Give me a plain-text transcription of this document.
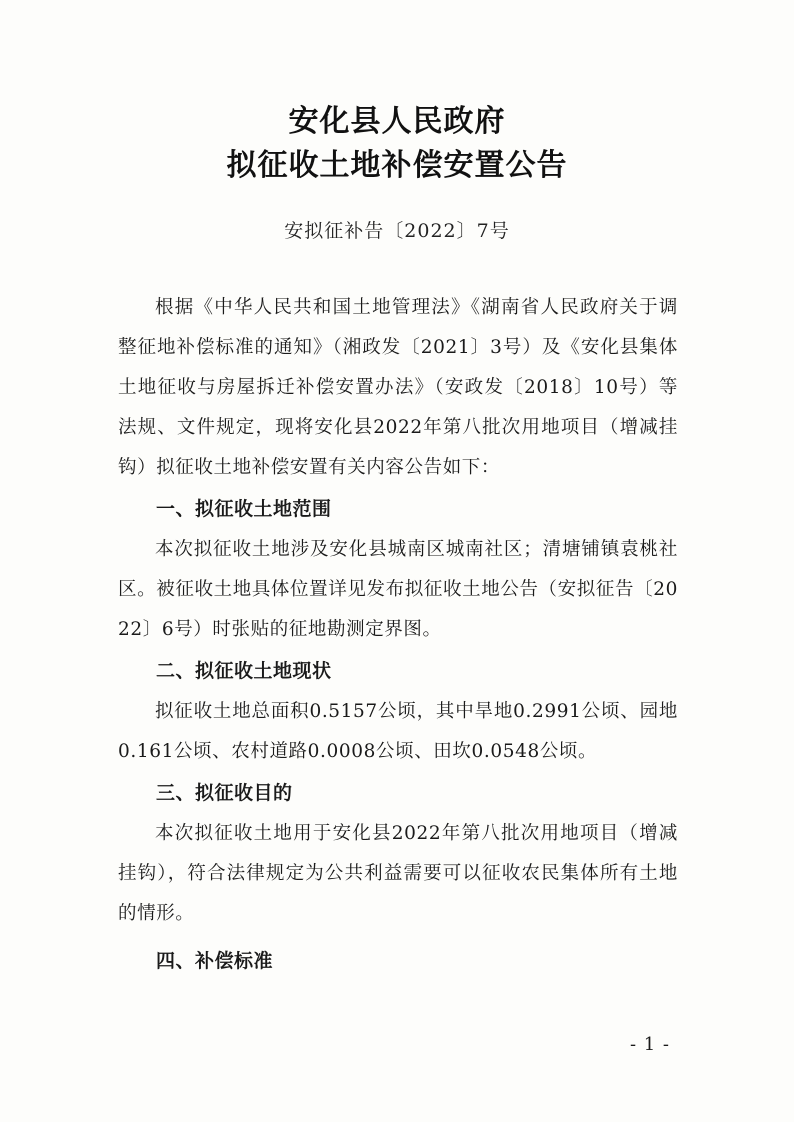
安化县人民政府
拟征收土地补偿安置公告
安拟征补告〔2022〕7号

根据《中华人民共和国土地管理法》《湖南省人民政府关于调整征地补偿标准的通知》（湘政发〔2021〕3号）及《安化县集体土地征收与房屋拆迁补偿安置办法》（安政发〔2018〕10号）等法规、文件规定，现将安化县2022年第八批次用地项目（增减挂钩）拟征收土地补偿安置有关内容公告如下：

一、拟征收土地范围

本次拟征收土地涉及安化县城南区城南社区；清塘铺镇袁桃社区。被征收土地具体位置详见发布拟征收土地公告（安拟征告〔2022〕6号）时张贴的征地勘测定界图。

二、拟征收土地现状

拟征收土地总面积0.5157公顷，其中旱地0.2991公顷、园地0.161公顷、农村道路0.0008公顷、田坎0.0548公顷。

三、拟征收目的

本次拟征收土地用于安化县2022年第八批次用地项目（增减挂钩），符合法律规定为公共利益需要可以征收农民集体所有土地的情形。

四、补偿标准

- 1 -
